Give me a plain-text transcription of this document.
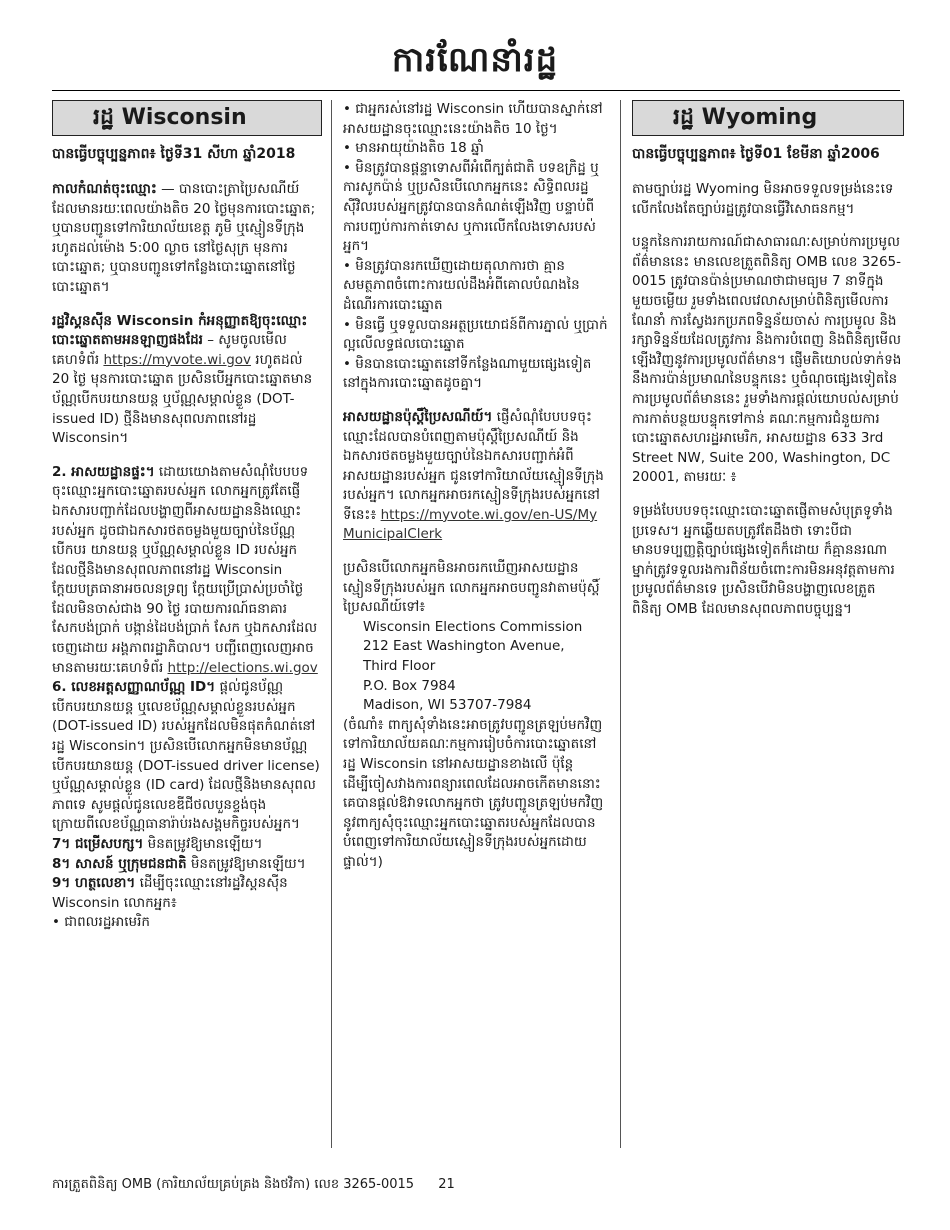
ការណែនាំរដ្ឋ
រដ្ឋ Wisconsin
បានធ្វើបច្ចុប្បន្នភាព៖ ថ្ងៃទី31 សីហា ឆ្នាំ2018

កាលកំណត់ចុះឈ្មោះ — បានបោះត្រាប្រៃសណីយ៍ដែលមានរយៈពេលយ៉ាងតិច 20 ថ្ងៃមុនការបោះឆ្នោត; ឬបានបញ្ជូនទៅការិយាល័យខេត្ត ភូមិ ឬស្មៀនទីក្រុង រហូតដល់ម៉ោង 5:00 ល្ងាច នៅថ្ងៃសុក្រ មុនការបោះឆ្នោត; ឬបានបញ្ជូនទៅកន្លែងបោះឆ្នោតនៅថ្ងៃបោះឆ្នោត។

រដ្ឋវិស្គនស៊ីន Wisconsin កំអនុញ្ញាតឱ្យចុះឈ្មោះបោះឆ្នោតតាមអនឡាញផងដែរ – សូមចូលមើលគេហទំព័រ https://myvote.wi.gov រហូតដល់ 20 ថ្ងៃ មុនការបោះឆ្នោត ប្រសិនបើអ្នកបោះឆ្នោតមានប័ណ្ណបើកបរយានយន្ត ឬប័ណ្ណសម្គាល់ខ្លួន (DOT-issued ID) ថ្មីនិងមានសុពលភាពនៅរដ្ឋ Wisconsin។

2. អាសយដ្ឋានផ្ទះ។ ដោយយោងតាមសំណុំបែបបទចុះឈ្មោះអ្នកបោះឆ្នោតរបស់អ្នក លោកអ្នកត្រូវតែផ្ញើឯកសារបញ្ជាក់ដែលបង្ហាញពីអាសយដ្ឋាននិងឈ្មោះរបស់អ្នក ដូចជាឯកសារថតចម្លងមួយច្បាប់នៃប័ណ្ណបើកបរ យានយន្ត ឬប័ណ្ណសម្គាល់ខ្លួន ID របស់អ្នក ដែលថ្មីនិងមានសុពលភាពនៅរដ្ឋ Wisconsin ក្តែយបត្រធានាអចលនទ្រព្យ ក្តែយប្រើប្រាស់ប្រចាំថ្ងៃដែលមិនចាស់ជាង 90 ថ្ងៃ របាយការណ៍ធនាគារ សែកបង់ប្រាក់ បង្កាន់ដៃបង់ប្រាក់ សែក ឬឯកសារដែលចេញដោយ អង្គភាពរដ្ឋាភិបាល។ បញ្ជីពេញលេញអាចមានតាមរយៈគេហទំព័រ http://elections.wi.gov

6. លេខអត្តសញ្ញាណប័ណ្ណ ID។ ផ្តល់ជូនប័ណ្ណបើកបរយានយន្ត ឬលេខប័ណ្ណសម្គាល់ខ្លួនរបស់អ្នក (DOT-issued ID) របស់អ្នកដែលមិនផុតកំណត់នៅរដ្ឋ Wisconsin។ ប្រសិនបើលោកអ្នកមិនមានប័ណ្ណបើកបរយានយន្ត (DOT-issued driver license) ឬប័ណ្ណសម្គាល់ខ្លួន (ID card) ដែលថ្មីនិងមានសុពលភាពទេ សូមផ្តល់ជូនលេខឌីជីថលបួនខ្ទង់ចុងក្រោយពីលេខប័ណ្ណធានារ៉ាប់រងសង្គមកិច្ចរបស់អ្នក។

7។ ជម្រើសបក្ស។ មិនតម្រូវឱ្យមានឡើយ។

8។ សាសន៍ ឬក្រុមជនជាតិ មិនតម្រូវឱ្យមានឡើយ។

9។ ហត្ថលេខា។ ដើម្បីចុះឈ្មោះនៅរដ្ឋវិស្គនស៊ីន Wisconsin លោកអ្នក៖

• ជាពលរដ្ឋអាមេរិក
• ជាអ្នករស់នៅរដ្ឋ Wisconsin ហើយបានស្នាក់នៅអាសយដ្ឋានចុះឈ្មោះនេះយ៉ាងតិច 10 ថ្ងៃ។
• មានអាយុយ៉ាងតិច 18 ឆ្នាំ
• មិនត្រូវបានផ្តន្ទាទោសពីអំពើក្បត់ជាតិ បទឧក្រិដ្ឋ ឬការសូកប៉ាន់ ឬប្រសិនបើលោកអ្នកនេះ សិទ្ធិពលរដ្ឋស៊ីវិលរបស់អ្នកត្រូវបានបានកំណត់ឡើងវិញ បន្ទាប់ពីការបញ្ចប់ការកាត់ទោស ឬការលើកលែងទោសរបស់អ្នក។
• មិនត្រូវបានរកឃើញដោយតុលាការថា គ្មានសមត្ថភាពចំពោះការយល់ដឹងអំពីគោលបំណងនៃដំណើរការបោះឆ្នោត
• មិនធ្វើ ឬទទួលបានអត្ថប្រយោជន៍ពីការភ្នាល់ ឬប្រាក់ល្អលើលទ្ធផលបោះឆ្នោត
• មិនបានបោះឆ្នោតនៅទីកន្លែងណាមួយផ្សេងទៀត នៅក្នុងការបោះឆ្នោតដូចគ្នា។

អាសយដ្ឋានប៉ុស្តិ៍ប្រៃសណីយ៍។ ផ្ញើសំណុំបែបបទចុះឈ្មោះដែលបានបំពេញតាមប៉ុស្តិ៍ប្រៃសណីយ៍ និងឯកសារថតចម្លងមួយច្បាប់នៃឯកសារបញ្ជាក់អំពីអាសយដ្ឋានរបស់អ្នក ជូនទៅការិយាល័យស្មៀនទីក្រុងរបស់អ្នក។ លោកអ្នកអាចរកស្មៀនទីក្រុងរបស់អ្នកនៅទីនេះ៖ https://myvote.wi.gov/en-US/MyMunicipalClerk

ប្រសិនបើលោកអ្នកមិនអាចរកឃើញអាសយដ្ឋានស្មៀនទីក្រុងរបស់អ្នក លោកអ្នកអាចបញ្ជូនវាតាមប៉ុស្តិ៍ប្រៃសណីយ៍ទៅ៖

Wisconsin Elections Commission
212 East Washington Avenue,
Third Floor
P.O. Box 7984
Madison, WI 53707-7984

(ចំណាំ៖ ពាក្យសុំទាំងនេះអាចត្រូវបញ្ជូនត្រឡប់មកវិញទៅការិយាល័យគណៈកម្មការរៀបចំការបោះឆ្នោតនៅរដ្ឋ Wisconsin នៅអាសយដ្ឋានខាងលើ ប៉ុន្តែដើម្បីចៀសវាងការពន្យារពេលដែលអាចកើតមាននោះ គេបានផ្តល់ឱវាទលោកអ្នកថា ត្រូវបញ្ជូនត្រឡប់មកវិញនូវពាក្យសុំចុះឈ្មោះអ្នកបោះឆ្នោតរបស់អ្នកដែលបានបំពេញទៅការិយាល័យស្មៀនទីក្រុងរបស់អ្នកដោយផ្ទាល់។)

រដ្ឋ Wyoming
បានធ្វើបច្ចុប្បន្នភាព៖ ថ្ងៃទី01 ខែមីនា ឆ្នាំ2006

តាមច្បាប់រដ្ឋ Wyoming មិនអាចទទួលទម្រង់នេះទេ លើកលែងតែច្បាប់រដ្ឋត្រូវបានធ្វើវិសោធនកម្ម។

បន្ទុកនៃការរាយការណ៍ជាសាធារណៈសម្រាប់ការប្រមូលព័ត៌មាននេះ មានលេខត្រួតពិនិត្យ OMB លេខ 3265-0015 ត្រូវបានប៉ាន់ប្រមាណថាជាមធ្យម 7 នាទីក្នុងមួយចម្លើយ រួមទាំងពេលវេលាសម្រាប់ពិនិត្យមើលការណែនាំ ការស្វែងរកប្រភពទិន្នន័យចាស់ ការប្រមូល និងរក្សាទិន្នន័យដែលត្រូវការ និងការបំពេញ និងពិនិត្យមើលឡើងវិញនូវការប្រមូលព័ត៌មាន។ ផ្ញើមតិយោបល់ទាក់ទងនឹងការប៉ាន់ប្រមាណនៃបន្ទុកនេះ ឬចំណុចផ្សេងទៀតនៃការប្រមូលព័ត៌មាននេះ រួមទាំងការផ្តល់យោបល់សម្រាប់ការកាត់បន្ថយបន្ទុកទៅកាន់ គណៈកម្មការជំនួយការបោះឆ្នោតសហរដ្ឋអាមេរិក, អាសយដ្ឋាន 633 3rd Street NW, Suite 200, Washington, DC 20001, តាមរយៈ ៖

ទម្រង់បែបបទចុះឈ្មោះបោះឆ្នោតផ្ញើតាមសំបុត្រទូទាំងប្រទេស។ អ្នកឆ្លើយតបត្រូវតែដឹងថា ទោះបីជាមានបទប្បញ្ញត្តិច្បាប់ផ្សេងទៀតក៏ដោយ ក៏គ្មាននរណាម្នាក់ត្រូវទទួលរងការពិន័យចំពោះការមិនអនុវត្តតាមការប្រមូលព័ត៌មានទេ ប្រសិនបើវាមិនបង្ហាញលេខត្រួតពិនិត្យ OMB ដែលមានសុពលភាពបច្ចុប្បន្ន។

ការត្រួតពិនិត្យ OMB (ការិយាល័យគ្រប់គ្រង និងថវិកា) លេខ 3265-0015 21
